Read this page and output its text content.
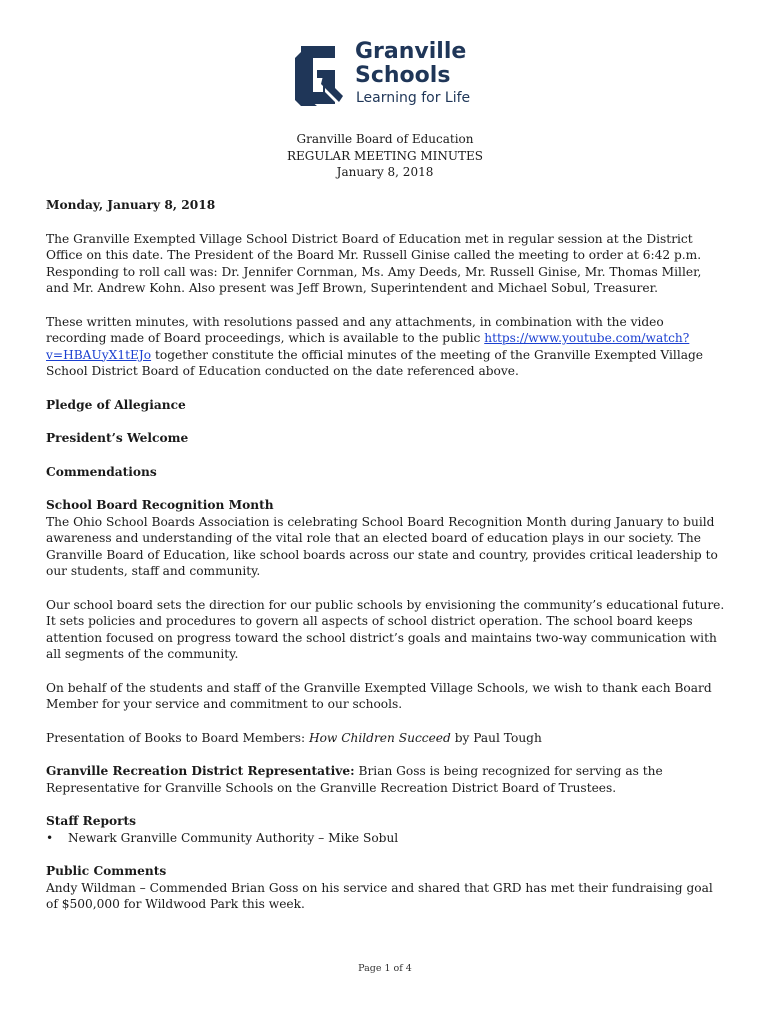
Granville
Schools
Learning for Life
Granville Board of Education
REGULAR MEETING MINUTES
January 8, 2018

Monday, January 8, 2018

The Granville Exempted Village School District Board of Education met in regular session at the District Office on this date. The President of the Board Mr. Russell Ginise called the meeting to order at 6:42 p.m. Responding to roll call was: Dr. Jennifer Cornman, Ms. Amy Deeds, Mr. Russell Ginise, Mr. Thomas Miller, and Mr. Andrew Kohn. Also present was Jeff Brown, Superintendent and Michael Sobul, Treasurer.

These written minutes, with resolutions passed and any attachments, in combination with the video recording made of Board proceedings, which is available to the public https://www.youtube.com/watch?v=HBAUyX1tEJo together constitute the official minutes of the meeting of the Granville Exempted Village School District Board of Education conducted on the date referenced above.

Pledge of Allegiance

President’s Welcome

Commendations

School Board Recognition Month

The Ohio School Boards Association is celebrating School Board Recognition Month during January to build awareness and understanding of the vital role that an elected board of education plays in our society. The Granville Board of Education, like school boards across our state and country, provides critical leadership to our students, staff and community.

Our school board sets the direction for our public schools by envisioning the community’s educational future. It sets policies and procedures to govern all aspects of school district operation. The school board keeps attention focused on progress toward the school district’s goals and maintains two-way communication with all segments of the community.

On behalf of the students and staff of the Granville Exempted Village Schools, we wish to thank each Board Member for your service and commitment to our schools.

Presentation of Books to Board Members: How Children Succeed by Paul Tough

Granville Recreation District Representative: Brian Goss is being recognized for serving as the Representative for Granville Schools on the Granville Recreation District Board of Trustees.

Staff Reports

•	Newark Granville Community Authority – Mike Sobul

Public Comments

Andy Wildman – Commended Brian Goss on his service and shared that GRD has met their fundraising goal of $500,000 for Wildwood Park this week.

Page 1 of 4
